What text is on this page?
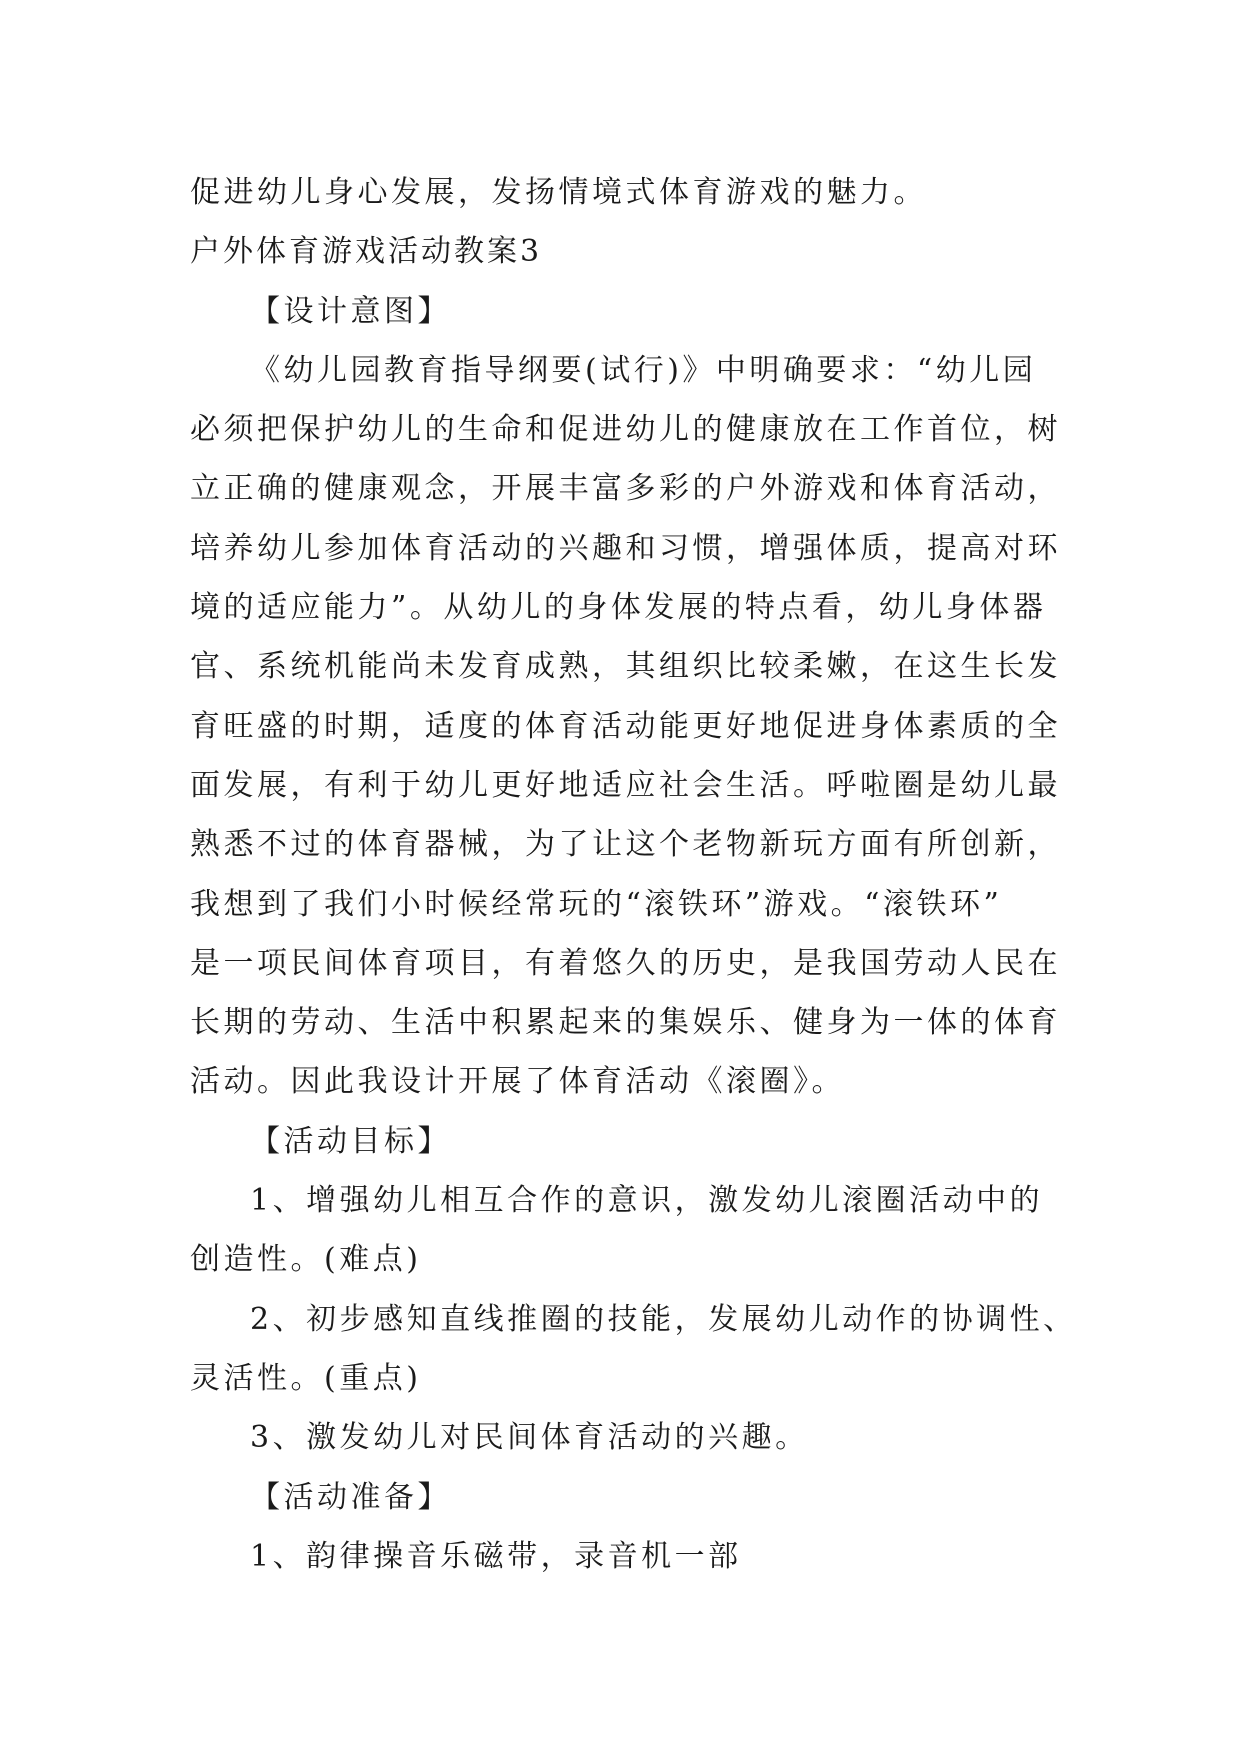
促进幼儿身心发展，发扬情境式体育游戏的魅力。
户外体育游戏活动教案3
【设计意图】
《幼儿园教育指导纲要(试行)》中明确要求：“幼儿园
必须把保护幼儿的生命和促进幼儿的健康放在工作首位，树
立正确的健康观念，开展丰富多彩的户外游戏和体育活动，
培养幼儿参加体育活动的兴趣和习惯，增强体质，提高对环
境的适应能力”。从幼儿的身体发展的特点看，幼儿身体器
官、系统机能尚未发育成熟，其组织比较柔嫩，在这生长发
育旺盛的时期，适度的体育活动能更好地促进身体素质的全
面发展，有利于幼儿更好地适应社会生活。呼啦圈是幼儿最
熟悉不过的体育器械，为了让这个老物新玩方面有所创新，
我想到了我们小时候经常玩的“滚铁环”游戏。“滚铁环”
是一项民间体育项目，有着悠久的历史，是我国劳动人民在
长期的劳动、生活中积累起来的集娱乐、健身为一体的体育
活动。因此我设计开展了体育活动《滚圈》。
【活动目标】
1、增强幼儿相互合作的意识，激发幼儿滚圈活动中的
创造性。(难点)
2、初步感知直线推圈的技能，发展幼儿动作的协调性、
灵活性。(重点)
3、激发幼儿对民间体育活动的兴趣。
【活动准备】
1、韵律操音乐磁带，录音机一部
